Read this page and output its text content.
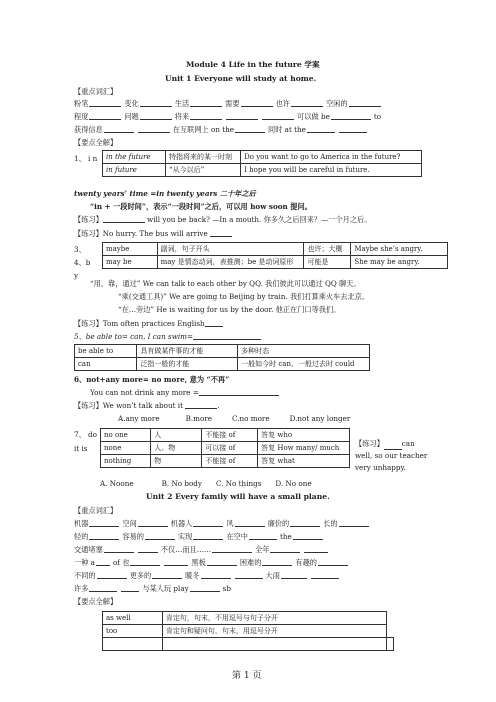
Module 4 Life in the future 学案
Unit 1 Everyone will study at home.
【重点词汇】
粉笔	变化	生活	需要	也许	空闲的
程度	问题	将来	可以做 be	to
获得信息	在互联网上 on the	同时 at the
【要点全解】
1、 i n in the future	特指将来的某一时刻	Do you want to go to America in the future?
in future	“从今以后”	I hope you will be careful in future.
twenty years’ time =in twenty years 二十年之后
“in + 一段时间”，表示“一段时间”之后，可以用 how soon 提问。
【练习】	will you be back? —In a mouth. 你多久之后回来？—一个月之后。
【练习】No hurry. The bus will arrive
3、4、b y
maybe	副词，句子开头	也许；大概	Maybe she’s angry.
may be	may 是情态动词，表推测；be 是动词原形	可能是	She may be angry.
“用，靠，通过” We can talk to each other by QQ. 我们彼此可以通过 QQ 聊天。
“乘(交通工具)” We are going to Beijing by train. 我们打算乘火车去北京。
“在…旁边” He is waiting for us by the door. 他正在门口等我们。
【练习】Tom often practices English
5、be able to= can, I can swim=
be able to	具有做某件事的才能	多种时态
can	泛指一般的才能	一般如今时 can、一般过去时 could
6、not+any more= no more, 意为 “不再”
You can not drink any more =
【练习】We won’t talk about it	.
A.any more	B.more	C.no more	D.not any longer
7、 do it is
no one	人	不能接 of	答复 who
none	人、物	可以接 of	答复 How many/ much
nothing	物	不能接 of	答复 what
【练习】	can
well, so our teacher
very unhappy.
A. Noone	B. No body C. No things D. No one
Unit 2 Every family will have a small plane.
【重点词汇】
机器	空间	机器人	风	廉价的	长的
轻的	容易的	实现	在空中	the
交通堵塞	不仅…而且……	全年
一种 a	of 也	黑板	困难的	有趣的
不同的	更多的	暖冬	大雨
许多	与某人玩 play	sb
【要点全解】
as well	肯定句，句末，不用逗号与句子分开	
too	肯定句和疑问句，句末，用逗号分开	

第 1 页
